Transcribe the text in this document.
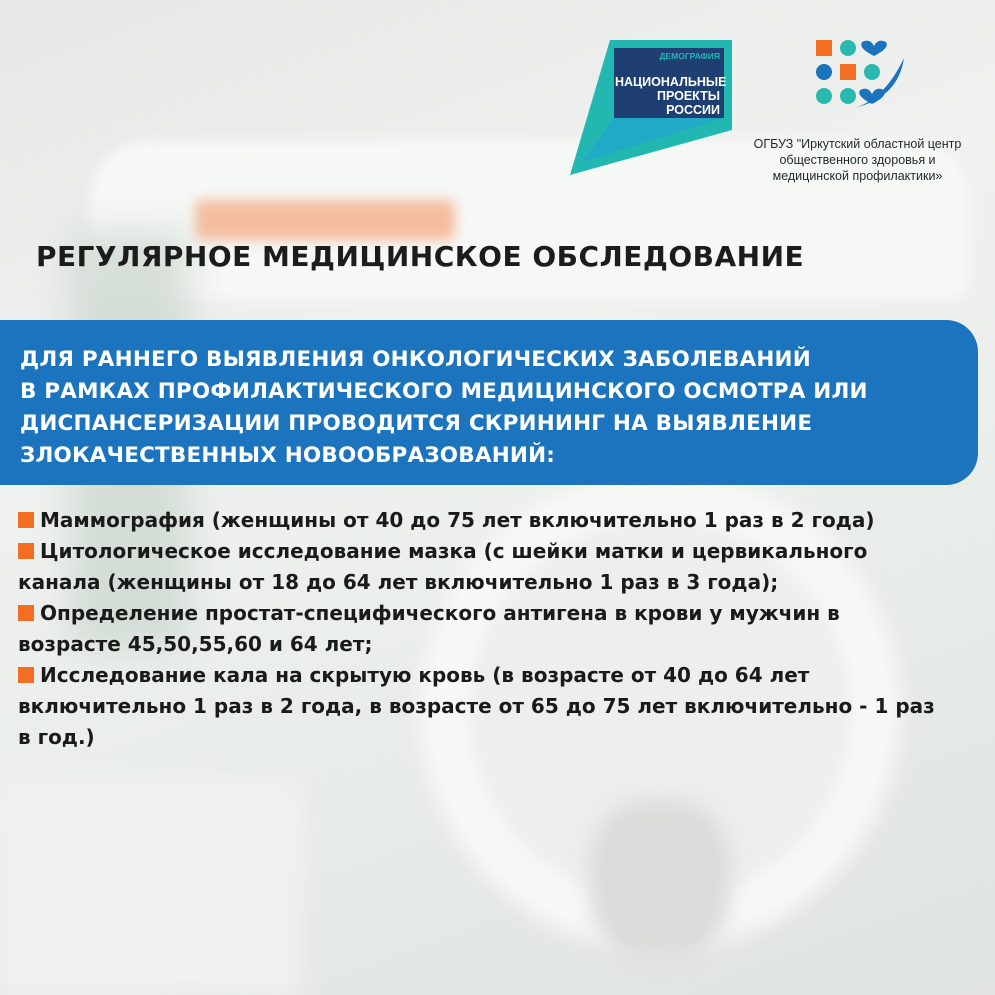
ДЕМОГРАФИЯ
НАЦИОНАЛЬНЫЕ
ПРОЕКТЫ
РОССИИ
ОГБУЗ "Иркутский областной центр
общественного здоровья и
медицинской профилактики»
РЕГУЛЯРНОЕ МЕДИЦИНСКОЕ ОБСЛЕДОВАНИЕ
ДЛЯ РАННЕГО ВЫЯВЛЕНИЯ ОНКОЛОГИЧЕСКИХ ЗАБОЛЕВАНИЙ
В РАМКАХ ПРОФИЛАКТИЧЕСКОГО МЕДИЦИНСКОГО ОСМОТРА ИЛИ
ДИСПАНСЕРИЗАЦИИ ПРОВОДИТСЯ СКРИНИНГ НА ВЫЯВЛЕНИЕ
ЗЛОКАЧЕСТВЕННЫХ НОВООБРАЗОВАНИЙ:
Маммография (женщины от 40 до 75 лет включительно 1 раз в 2 года)
Цитологическое исследование мазка (с шейки матки и цервикального
канала (женщины от 18 до 64 лет включительно 1 раз в 3 года);
Определение простат-специфического антигена в крови у мужчин в
возрасте 45,50,55,60 и 64 лет;
Исследование кала на скрытую кровь (в возрасте от 40 до 64 лет
включительно 1 раз в 2 года, в возрасте от 65 до 75 лет включительно - 1 раз
в год.)
